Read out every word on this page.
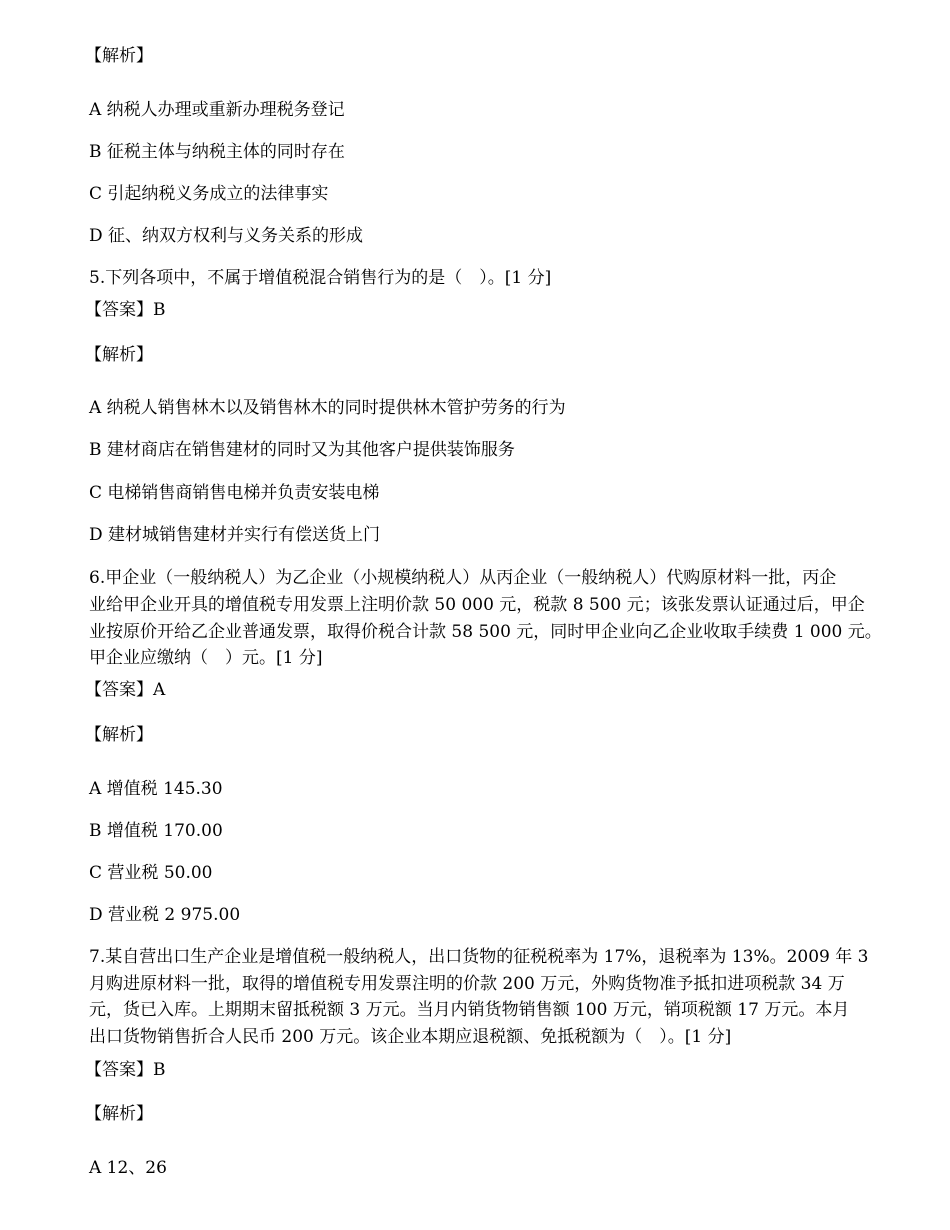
【解析】
A 纳税人办理或重新办理税务登记
B 征税主体与纳税主体的同时存在
C 引起纳税义务成立的法律事实
D 征、纳双方权利与义务关系的形成
5.下列各项中，不属于增值税混合销售行为的是（　）。[1 分]
【答案】B
【解析】
A 纳税人销售林木以及销售林木的同时提供林木管护劳务的行为
B 建材商店在销售建材的同时又为其他客户提供装饰服务
C 电梯销售商销售电梯并负责安装电梯
D 建材城销售建材并实行有偿送货上门
6.甲企业（一般纳税人）为乙企业（小规模纳税人）从丙企业（一般纳税人）代购原材料一批，丙企
业给甲企业开具的增值税专用发票上注明价款 50 000 元，税款 8 500 元；该张发票认证通过后，甲企
业按原价开给乙企业普通发票，取得价税合计款 58 500 元，同时甲企业向乙企业收取手续费 1 000 元。
甲企业应缴纳（　）元。[1 分]
【答案】A
【解析】
A 增值税 145.30
B 增值税 170.00
C 营业税 50.00
D 营业税 2 975.00
7.某自营出口生产企业是增值税一般纳税人，出口货物的征税税率为 17%，退税率为 13%。2009 年 3
月购进原材料一批，取得的增值税专用发票注明的价款 200 万元，外购货物准予抵扣进项税款 34 万
元，货已入库。上期期末留抵税额 3 万元。当月内销货物销售额 100 万元，销项税额 17 万元。本月
出口货物销售折合人民币 200 万元。该企业本期应退税额、免抵税额为（　）。[1 分]
【答案】B
【解析】
A 12、26
